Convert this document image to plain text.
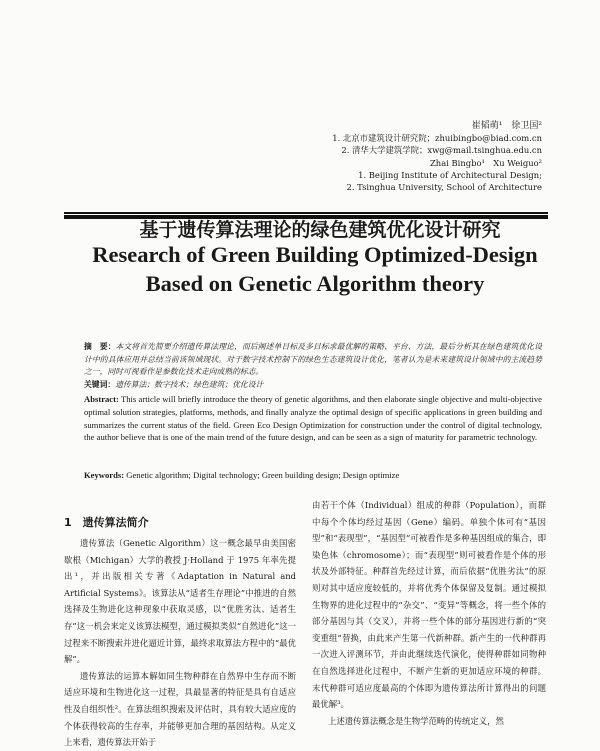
崔韬萌¹　徐卫国²
1. 北京市建筑设计研究院；zhuibingbo@biad.com.cn
2. 清华大学建筑学院；xwg@mail.tsinghua.edu.cn
Zhai Bingbo¹　Xu Weiguo²
1. Beijing Institute of Architectural Design;
2. Tsinghua University, School of Architecture
基于遗传算法理论的绿色建筑优化设计研究
Research of Green Building Optimized-Design
Based on Genetic Algorithm theory
摘　要：本文将首先简要介绍遗传算法理论，而后阐述单目标及多目标求最优解的策略、平台、方法，最后分析其在绿色建筑优化设计中的具体应用并总结当前该领域现状。对于数字技术控制下的绿色生态建筑设计优化，笔者认为是未来建筑设计领域中的主流趋势之一，同时可视看作是参数化技术走向成熟的标志。
关键词：遗传算法；数字技术；绿色建筑；优化设计
Abstract: This article will briefly introduce the theory of genetic algorithms, and then elaborate single objective and multi-objective optimal solution strategies, platforms, methods, and finally analyze the optimal design of specific applications in green building and summarizes the current status of the field. Green Eco Design Optimization for construction under the control of digital technology, the author believe that is one of the main trend of the future design, and can be seen as a sign of maturity for parametric technology.
Keywords: Genetic algorithm; Digital technology; Green building design; Design optimize
1　遗传算法简介

遗传算法（Genetic Algorithm）这一概念最早由美国密歇根（Michigan）大学的教授 J·Holland 于 1975 年率先提出¹，并出版相关专著《Adaptation in Natural and Artificial Systems》。该算法从“适者生存理论”中推进的自然选择及生物进化这种现象中获取灵感，以“优胜劣汰、适者生存”这一机会来定义该算法模型，通过模拟类似“自然进化”这一过程来不断搜索并进化逼近计算，最终求取算法方程中的“最优解”。

遗传算法的运算本解如同生物种群在自然界中生存而不断适应环境和生物进化这一过程，具最显著的特征是具有自适应性及自组织性²。在算法组织搜索及评估时，具有较大适应度的个体获得较高的生存率，并能够更加合理的基因结构。从定义上来看，遗传算法开始于

由若干个体（Individual）组成的种群（Population），而群中每个个体均经过基因（Gene）编码。单独个体可有“基因型”和“表现型”，“基因型”可被看作是多种基因组成的集合，即染色体（chromosome）；而“表现型”则可被看作是个体的形状及外部特征。种群首先经过计算，而后依据“优胜劣汰”的原则对其中适应度较低的，并将优秀个体保留及复制。通过模拟生物界的进化过程中的“杂交”、“变异”等概念，将一些个体的部分基因与其（交叉），并将一些个体的部分基因进行新的“突变重组”替换，由此来产生第一代新种群。新产生的一代种群再一次进入评测环节，并由此继续迭代演化，使得种群如同物种在自然选择进化过程中，不断产生新的更加适应环境的种群。末代种群可适应度最高的个体即为遗传算法所计算得出的问题最优解³。

上述遗传算法概念是生物学范畴的传统定义，然
